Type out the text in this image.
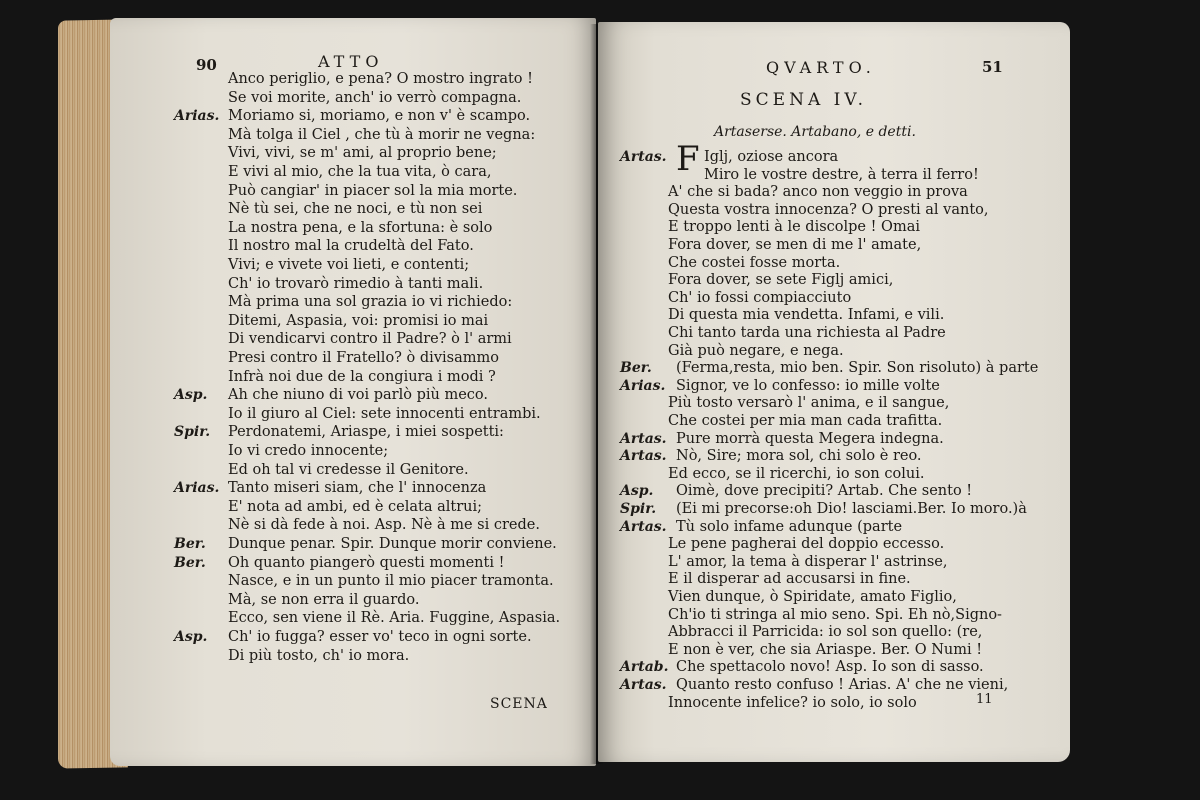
90	ATTO
SCENA
Anco periglio, e pena? O mostro ingrato !
Se voi morite, anch' io verrò compagna.
Arias. Moriamo si, moriamo, e non v' è scampo.
Mà tolga il Ciel , che tù à morir ne vegna:
Vivi, vivi, se m' ami, al proprio bene;
E vivi al mio, che la tua vita, ò cara,
Può cangiar' in piacer sol la mia morte.
Nè tù sei, che ne noci, e tù non sei
La nostra pena, e la sfortuna: è solo
Il nostro mal la crudeltà del Fato.
Vivi; e vivete voi lieti, e contenti;
Ch' io trovarò rimedio à tanti mali.
Mà prima una sol grazia io vi richiedo:
Ditemi, Aspasia, voi: promisi io mai
Di vendicarvi contro il Padre? ò l' armi
Presi contro il Fratello? ò divisammo
Infrà noi due de la congiura i modi ?
Asp. Ah che niuno di voi parlò più meco.
Io il giuro al Ciel: sete innocenti entrambi.
Spir. Perdonatemi, Ariaspe, i miei sospetti:
Io vi credo innocente;
Ed oh tal vi credesse il Genitore.
Arias. Tanto miseri siam, che l' innocenza
E' nota ad ambi, ed è celata altrui;
Nè si dà fede à noi. Asp. Nè à me si crede.
Ber. Dunque penar. Spir. Dunque morir conviene.
Ber. Oh quanto piangerò questi momenti !
Nasce, e in un punto il mio piacer tramonta.
Mà, se non erra il guardo.
Ecco, sen viene il Rè. Aria. Fuggine, Aspasia.
Asp. Ch' io fugga? esser vo' teco in ogni sorte.
Di più tosto, ch' io mora.
QVARTO.	51
SCENA IV.
Artaserse. Artabano, e detti.
F
11
Artas.	Iglj, oziose ancora
Miro le vostre destre, à terra il ferro!
A' che si bada? anco non veggio in prova
Questa vostra innocenza? O presti al vanto,
E troppo lenti à le discolpe ! Omai
Fora dover, se men di me l' amate,
Che costei fosse morta.
Fora dover, se sete Figlj amici,
Ch' io fossi compiacciuto
Di questa mia vendetta. Infami, e vili.
Chi tanto tarda una richiesta al Padre
Già può negare, e nega.
Ber. (Ferma,resta, mio ben. Spir. Son risoluto) à parte
Arias. Signor, ve lo confesso: io mille volte
Più tosto versarò l' anima, e il sangue,
Che costei per mia man cada trafitta.
Artas. Pure morrà questa Megera indegna.
Artas. Nò, Sire; mora sol, chi solo è reo.
Ed ecco, se il ricerchi, io son colui.
Asp. Oimè, dove precipiti? Artab. Che sento !
Spir. (Ei mi precorse:oh Dio! lasciami.Ber. Io moro.)à
Artas. Tù solo infame adunque (parte
Le pene pagherai del doppio eccesso.
L' amor, la tema à disperar l' astrinse,
E il disperar ad accusarsi in fine.
Vien dunque, ò Spiridate, amato Figlio,
Ch'io ti stringa al mio seno. Spi. Eh nò,Signo-
Abbracci il Parricida: io sol son quello: (re,
E non è ver, che sia Ariaspe. Ber. O Numi !
Artab. Che spettacolo novo! Asp. Io son di sasso.
Artas. Quanto resto confuso ! Arias. A' che ne vieni,
Innocente infelice? io solo, io solo
